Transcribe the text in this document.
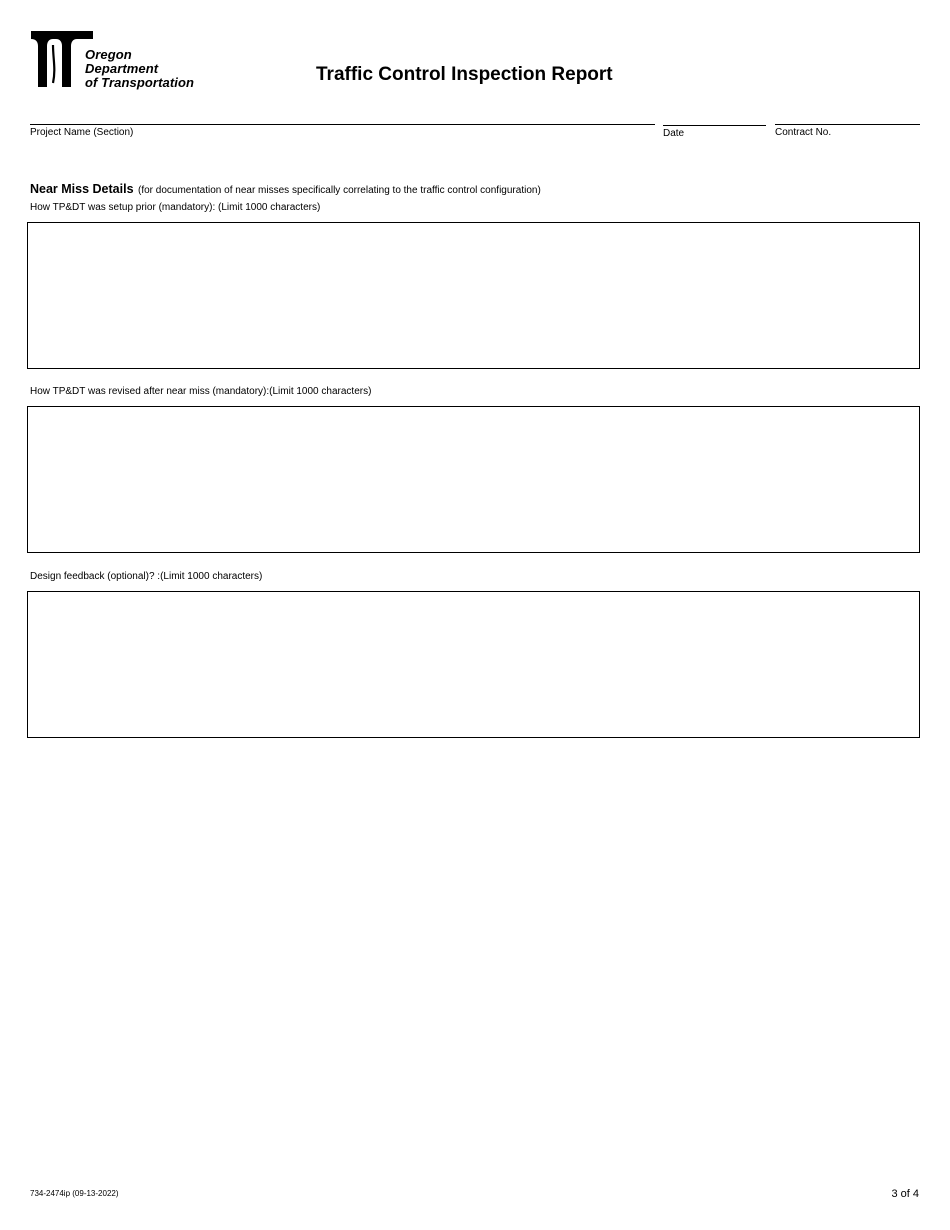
Oregon
Department
of Transportation	Traffic Control Inspection Report
Project Name (Section)	Date	Contract No.
Near Miss Details (for documentation of near misses specifically correlating to the traffic control configuration)
How TP&DT was setup prior (mandatory): (Limit 1000 characters)
How TP&DT was revised after near miss (mandatory):(Limit 1000 characters)
Design feedback (optional)? :(Limit 1000 characters)
734-2474ip (09-13-2022)	3 of 4
